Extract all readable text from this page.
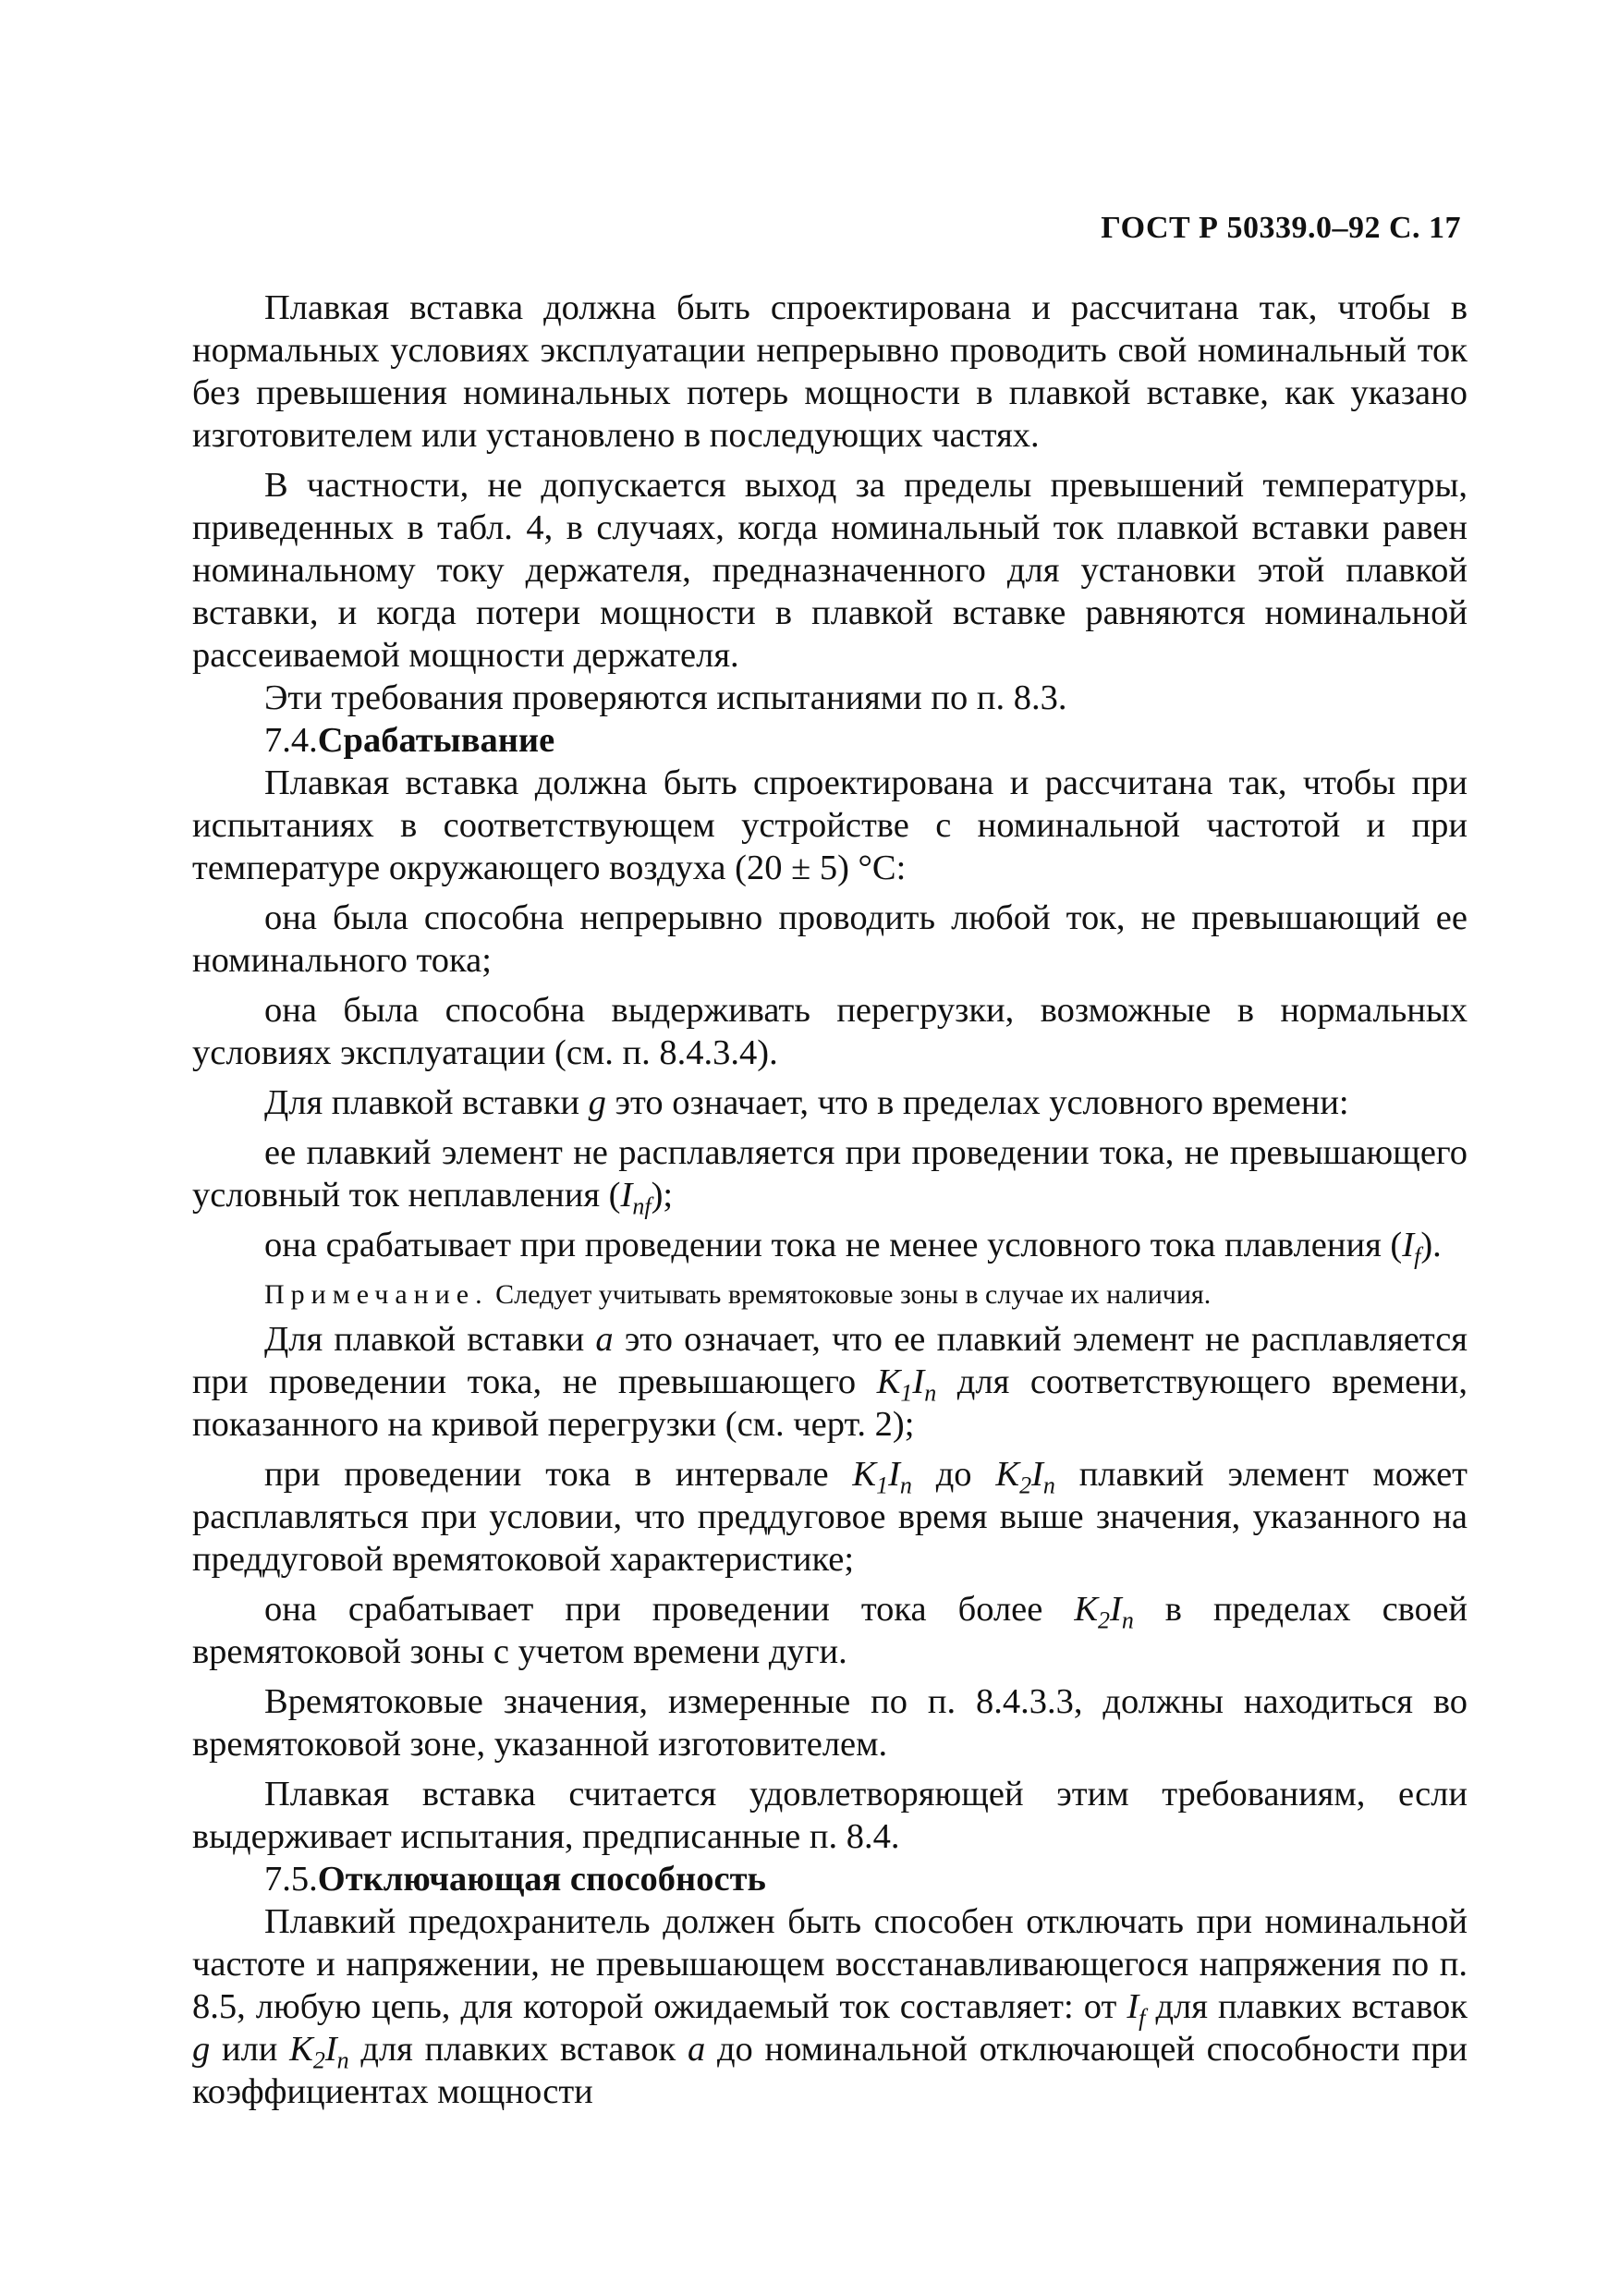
ГОСТ Р 50339.0–92 С. 17

Плавкая вставка должна быть спроектирована и рассчитана так, чтобы в нормальных условиях эксплуатации непрерывно проводить свой номинальный ток без превышения номинальных потерь мощности в плавкой вставке, как указано изготовителем или установлено в последующих частях.

В частности, не допускается выход за пределы превышений температуры, приведенных в табл. 4, в случаях, когда номинальный ток плавкой вставки равен номинальному току держателя, предназначенного для установки этой плавкой вставки, и когда потери мощности в плавкой вставке равняются номинальной рассеиваемой мощности держателя.

Эти требования проверяются испытаниями по п. 8.3.

7.4.Срабатывание

Плавкая вставка должна быть спроектирована и рассчитана так, чтобы при испытаниях в соответствующем устройстве с номинальной частотой и при температуре окружающего воздуха (20 ± 5) °С:

она была способна непрерывно проводить любой ток, не превышающий ее номинального тока;

она была способна выдерживать перегрузки, возможные в нормальных условиях эксплуатации (см. п. 8.4.3.4).

Для плавкой вставки g это означает, что в пределах условного времени:

ее плавкий элемент не расплавляется при проведении тока, не превышающего условный ток неплавления $(I_{nf})$;

она срабатывает при проведении тока не менее условного тока плавления $(I_f)$.

Примечание. Следует учитывать времятоковые зоны в случае их наличия.

Для плавкой вставки a это означает, что ее плавкий элемент не расплавляется при проведении тока, не превышающего $K_1I_n$ для соответствующего времени, показанного на кривой перегрузки (см. черт. 2);

при проведении тока в интервале $K_1I_n$ до $K_2I_n$ плавкий элемент может расплавляться при условии, что преддуговое время выше значения, указанного на преддуговой времятоковой характеристике;

она срабатывает при проведении тока более $K_2I_n$ в пределах своей времятоковой зоны с учетом времени дуги.

Времятоковые значения, измеренные по п. 8.4.3.3, должны находиться во времятоковой зоне, указанной изготовителем.

Плавкая вставка считается удовлетворяющей этим требованиям, если выдерживает испытания, предписанные п. 8.4.

7.5.Отключающая способность

Плавкий предохранитель должен быть способен отключать при номинальной частоте и напряжении, не превышающем восстанавливающегося напряжения по п. 8.5, любую цепь, для которой ожидаемый ток составляет: от $I_f$ для плавких вставок g или $K_2I_n$ для плавких вставок a до номинальной отключающей способности при коэффициентах мощности
